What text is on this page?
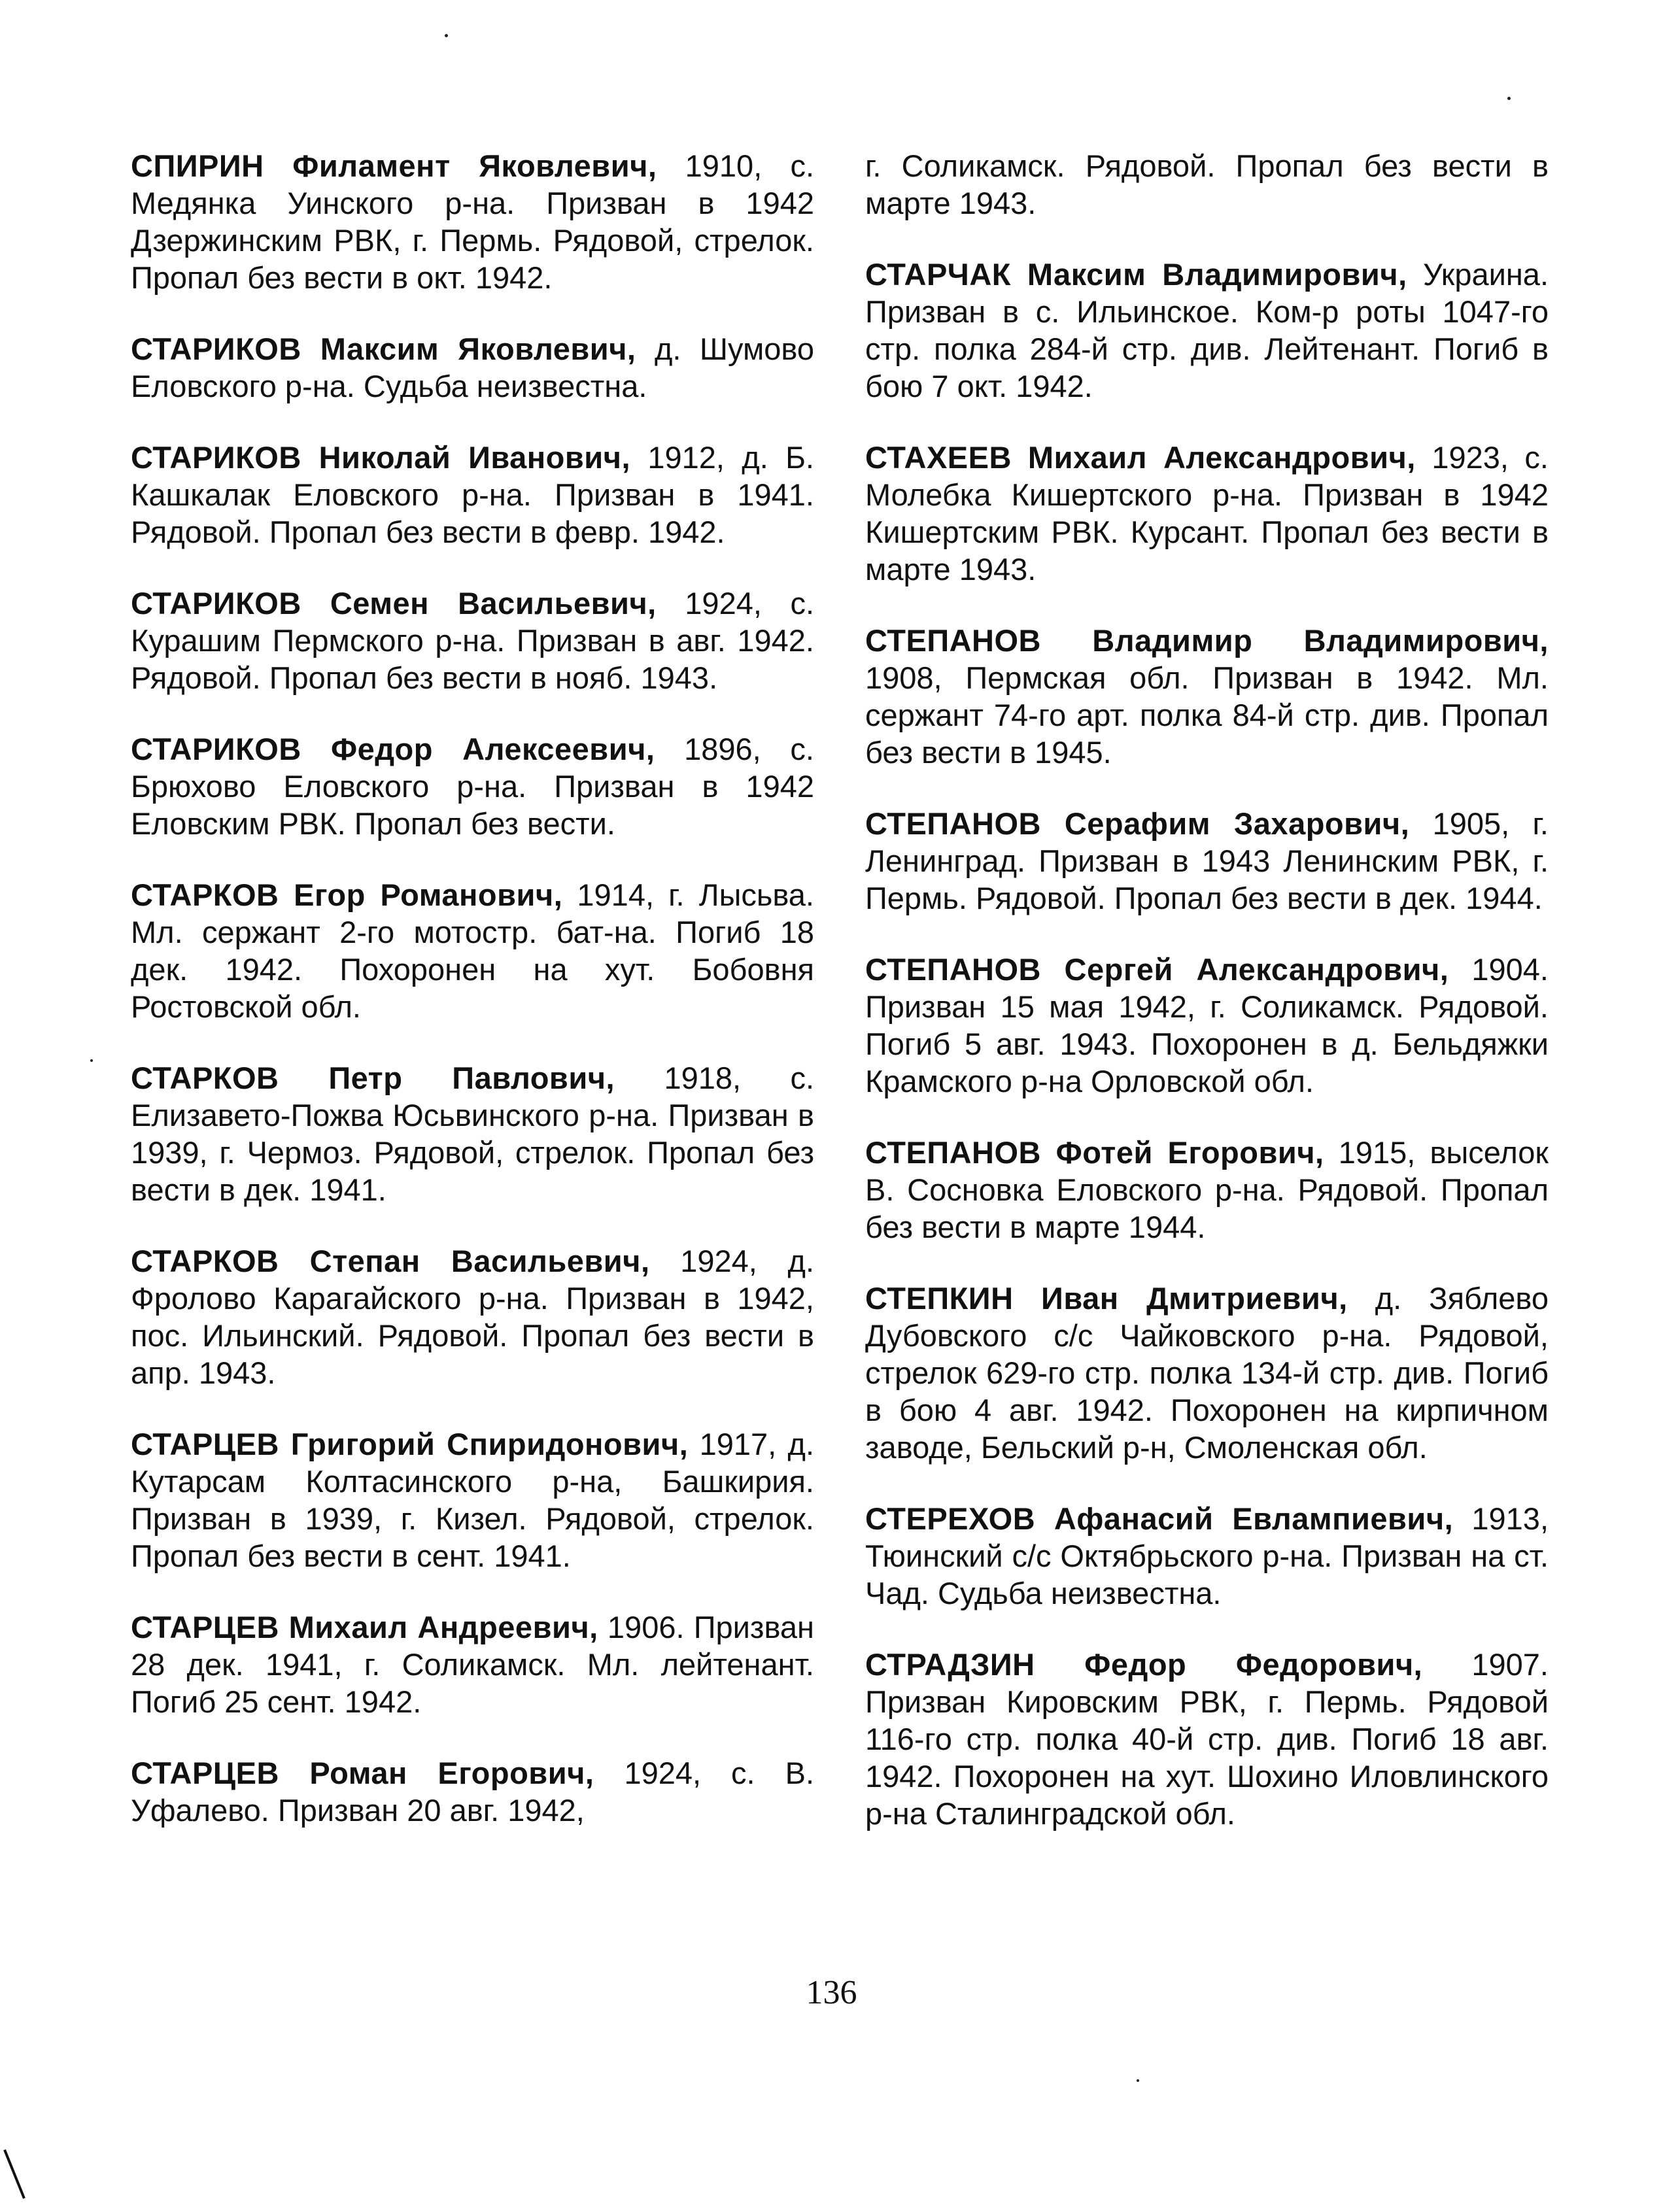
СПИРИН Филамент Яковлевич, 1910, с. Медянка Уинского р-на. Призван в 1942 Дзержинским РВК, г. Пермь. Рядовой, стрелок. Пропал без вести в окт. 1942.

СТАРИКОВ Максим Яковлевич, д. Шумово Еловского р-на. Судьба неизвестна.

СТАРИКОВ Николай Иванович, 1912, д. Б. Кашкалак Еловского р-на. Призван в 1941. Рядовой. Пропал без вести в февр. 1942.

СТАРИКОВ Семен Васильевич, 1924, с. Курашим Пермского р-на. Призван в авг. 1942. Рядовой. Пропал без вести в нояб. 1943.

СТАРИКОВ Федор Алексеевич, 1896, с. Брюхово Еловского р-на. Призван в 1942 Еловским РВК. Пропал без вести.

СТАРКОВ Егор Романович, 1914, г. Лысьва. Мл. сержант 2-го мотостр. бат-на. Погиб 18 дек. 1942. Похоронен на хут. Бобовня Ростовской обл.

СТАРКОВ Петр Павлович, 1918, с. Елизавето-Пожва Юсьвинского р-на. Призван в 1939, г. Чермоз. Рядовой, стрелок. Пропал без вести в дек. 1941.

СТАРКОВ Степан Васильевич, 1924, д. Фролово Карагайского р-на. Призван в 1942, пос. Ильинский. Рядовой. Пропал без вести в апр. 1943.

СТАРЦЕВ Григорий Спиридонович, 1917, д. Кутарсам Колтасинского р-на, Башкирия. Призван в 1939, г. Кизел. Рядовой, стрелок. Пропал без вести в сент. 1941.

СТАРЦЕВ Михаил Андреевич, 1906. Призван 28 дек. 1941, г. Соликамск. Мл. лейтенант. Погиб 25 сент. 1942.

СТАРЦЕВ Роман Егорович, 1924, с. В. Уфалево. Призван 20 авг. 1942,

г. Соликамск. Рядовой. Пропал без вести в марте 1943.

СТАРЧАК Максим Владимирович, Украина. Призван в с. Ильинское. Ком-р роты 1047-го стр. полка 284-й стр. див. Лейтенант. Погиб в бою 7 окт. 1942.

СТАХЕЕВ Михаил Александрович, 1923, с. Молебка Кишертского р-на. Призван в 1942 Кишертским РВК. Курсант. Пропал без вести в марте 1943.

СТЕПАНОВ Владимир Владимирович, 1908, Пермская обл. Призван в 1942. Мл. сержант 74-го арт. полка 84-й стр. див. Пропал без вести в 1945.

СТЕПАНОВ Серафим Захарович, 1905, г. Ленинград. Призван в 1943 Ленинским РВК, г. Пермь. Рядовой. Пропал без вести в дек. 1944.

СТЕПАНОВ Сергей Александрович, 1904. Призван 15 мая 1942, г. Соликамск. Рядовой. Погиб 5 авг. 1943. Похоронен в д. Бельдяжки Крамского р-на Орловской обл.

СТЕПАНОВ Фотей Егорович, 1915, выселок В. Сосновка Еловского р-на. Рядовой. Пропал без вести в марте 1944.

СТЕПКИН Иван Дмитриевич, д. Зяблево Дубовского с/с Чайковского р-на. Рядовой, стрелок 629-го стр. полка 134-й стр. див. Погиб в бою 4 авг. 1942. Похоронен на кирпичном заводе, Бельский р-н, Смоленская обл.

СТЕРЕХОВ Афанасий Евлампиевич, 1913, Тюинский с/с Октябрьского р-на. Призван на ст. Чад. Судьба неизвестна.

СТРАДЗИН Федор Федорович, 1907. Призван Кировским РВК, г. Пермь. Рядовой 116-го стр. полка 40-й стр. див. Погиб 18 авг. 1942. Похоронен на хут. Шохино Иловлинского р-на Сталинградской обл.

136
